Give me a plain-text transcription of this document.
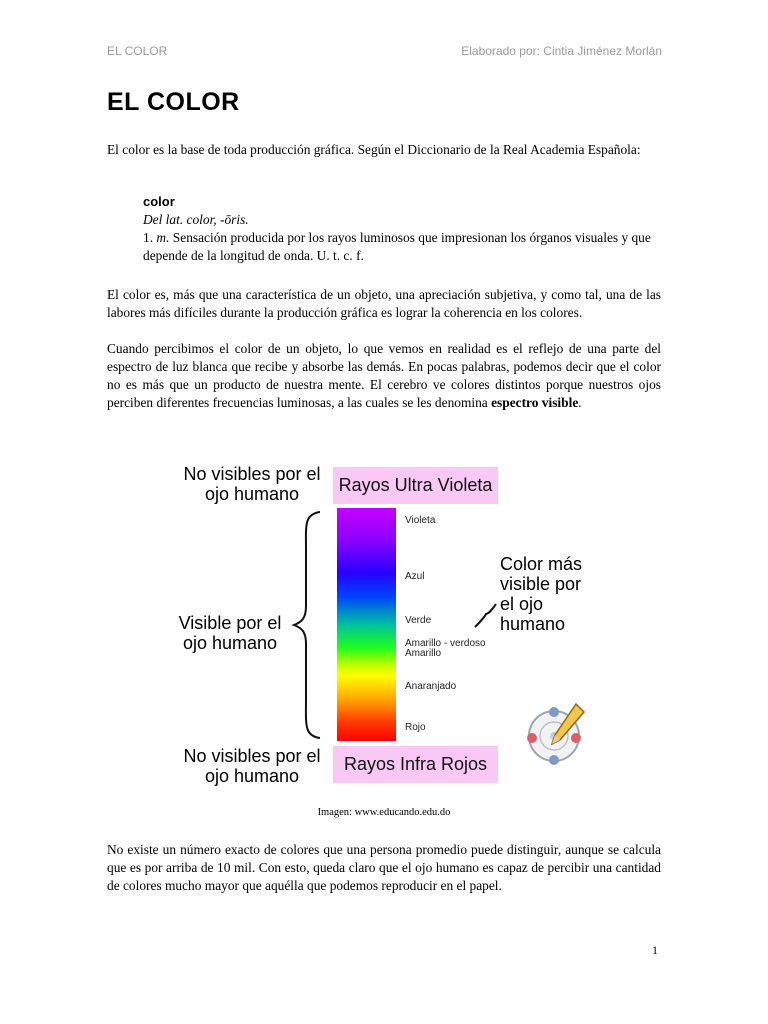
EL COLOR	Elaborado por: Cintia Jiménez Morlán
EL COLOR
El color es la base de toda producción gráfica. Según el Diccionario de la Real Academia Española:
color
Del lat. color, -ōris.
1. m. Sensación producida por los rayos luminosos que impresionan los órganos visuales y que depende de la longitud de onda. U. t. c. f.
El color es, más que una característica de un objeto, una apreciación subjetiva, y como tal, una de las labores más difíciles durante la producción gráfica es lograr la coherencia en los colores.
Cuando percibimos el color de un objeto, lo que vemos en realidad es el reflejo de una parte del espectro de luz blanca que recibe y absorbe las demás. En pocas palabras, podemos decir que el color no es más que un producto de nuestra mente. El cerebro ve colores distintos porque nuestros ojos perciben diferentes frecuencias luminosas, a las cuales se les denomina espectro visible.
No visibles por el ojo humano	Rayos Ultra Violeta
Visible por el ojo humano
Violeta
Azul
Verde
Amarillo - verdoso
Amarillo
Anaranjado
Rojo
Color más visible por el ojo humano
No visibles por el ojo humano
Rayos Infra Rojos
Imagen: www.educando.edu.do
No existe un número exacto de colores que una persona promedio puede distinguir, aunque se calcula que es por arriba de 10 mil. Con esto, queda claro que el ojo humano es capaz de percibir una cantidad de colores mucho mayor que aquélla que podemos reproducir en el papel.
1
